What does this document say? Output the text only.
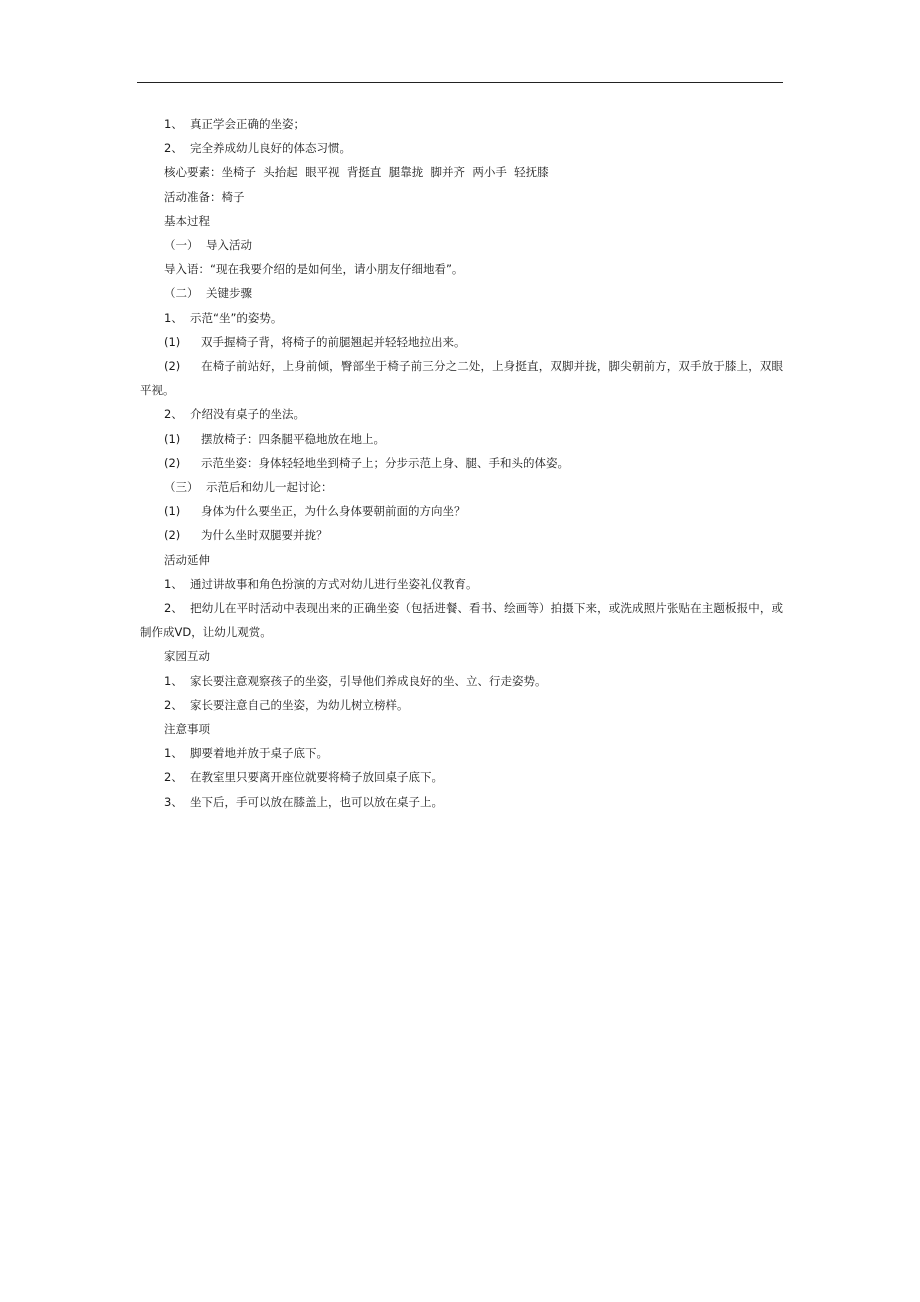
1、 真正学会正确的坐姿；

2、 完全养成幼儿良好的体态习惯。

核心要素：坐椅子  头抬起  眼平视  背挺直  腿靠拢  脚并齐  两小手  轻抚膝

活动准备：椅子

基本过程

（一） 导入活动

导入语：“现在我要介绍的是如何坐，请小朋友仔细地看”。

（二） 关键步骤

1、 示范“坐”的姿势。

(1) 双手握椅子背，将椅子的前腿翘起并轻轻地拉出来。

(2) 在椅子前站好，上身前倾，臀部坐于椅子前三分之二处，上身挺直，双脚并拢，脚尖朝前方，双手放于膝上，双眼平视。

2、 介绍没有桌子的坐法。

(1) 摆放椅子：四条腿平稳地放在地上。

(2) 示范坐姿：身体轻轻地坐到椅子上；分步示范上身、腿、手和头的体姿。

（三） 示范后和幼儿一起讨论：

(1) 身体为什么要坐正，为什么身体要朝前面的方向坐？

(2) 为什么坐时双腿要并拢？

活动延伸

1、 通过讲故事和角色扮演的方式对幼儿进行坐姿礼仪教育。

2、 把幼儿在平时活动中表现出来的正确坐姿（包括进餐、看书、绘画等）拍摄下来，或洗成照片张贴在主题板报中，或制作成VD，让幼儿观赏。

家园互动

1、 家长要注意观察孩子的坐姿，引导他们养成良好的坐、立、行走姿势。

2、 家长要注意自己的坐姿，为幼儿树立榜样。

注意事项

1、 脚要着地并放于桌子底下。

2、 在教室里只要离开座位就要将椅子放回桌子底下。

3、 坐下后，手可以放在膝盖上，也可以放在桌子上。
